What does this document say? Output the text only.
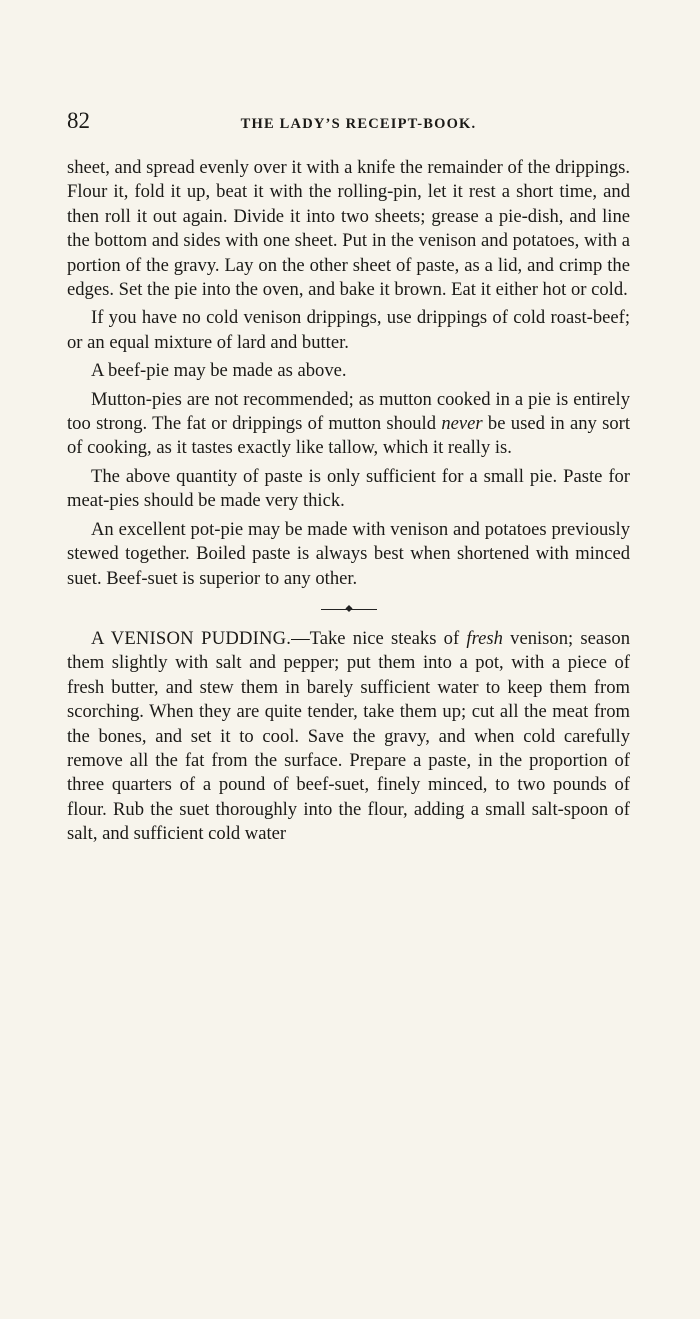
82	THE LADY’S RECEIPT-BOOK.

sheet, and spread evenly over it with a knife the remainder of the drippings. Flour it, fold it up, beat it with the rolling-pin, let it rest a short time, and then roll it out again. Divide it into two sheets; grease a pie-dish, and line the bottom and sides with one sheet. Put in the venison and potatoes, with a portion of the gravy. Lay on the other sheet of paste, as a lid, and crimp the edges. Set the pie into the oven, and bake it brown. Eat it either hot or cold.

If you have no cold venison drippings, use drippings of cold roast-beef; or an equal mixture of lard and butter.

A beef-pie may be made as above.

Mutton-pies are not recommended; as mutton cooked in a pie is entirely too strong. The fat or drippings of mutton should never be used in any sort of cooking, as it tastes exactly like tallow, which it really is.

The above quantity of paste is only sufficient for a small pie. Paste for meat-pies should be made very thick.

An excellent pot-pie may be made with venison and potatoes previously stewed together. Boiled paste is always best when shortened with minced suet. Beef-suet is superior to any other.

A VENISON PUDDING.—Take nice steaks of fresh venison; season them slightly with salt and pepper; put them into a pot, with a piece of fresh butter, and stew them in barely sufficient water to keep them from scorching. When they are quite tender, take them up; cut all the meat from the bones, and set it to cool. Save the gravy, and when cold carefully remove all the fat from the surface. Prepare a paste, in the proportion of three quarters of a pound of beef-suet, finely minced, to two pounds of flour. Rub the suet thoroughly into the flour, adding a small salt-spoon of salt, and sufficient cold water
